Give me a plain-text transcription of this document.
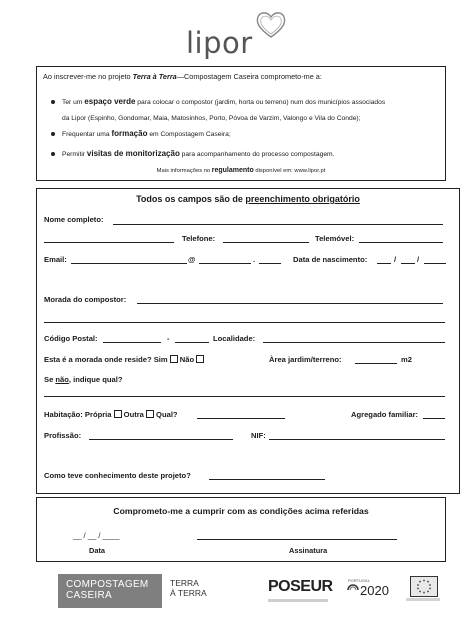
lipor
Ao inscrever-me no projeto Terra à Terra—Compostagem Caseira comprometo-me a:
Ter um espaço verde para colocar o compostor (jardim, horta ou terreno) num dos municípios associados
da Lipor (Espinho, Gondomar, Maia, Matosinhos, Porto, Póvoa de Varzim, Valongo e Vila do Conde);
Frequentar uma formação em Compostagem Caseira;
Permitir visitas de monitorização para acompanhamento do processo compostagem.
Mais informações no regulamento disponível em: www.lipor.pt
Todos os campos são de preenchimento obrigatório
Nome completo:
Telefone:	Telemóvel:
Email:	@	.	Data de nascimento:	/	/
Morada do compostor:
Código Postal:	-	Localidade:
Esta é a morada onde reside? Sim Não	Àrea jardim/terreno:	m2
Se não, indique qual?
Habitação: Própria Outra Qual?	Agregado familiar:
Profissão:	NIF:
Como teve conhecimento deste projeto?
Comprometo-me a cumprir com as condições acima referidas
__ / __ / ____
Data	Assinatura
COMPOSTAGEM
CASEIRA
TERRA
À TERRA	POSEUR	PORTUGAL
2020
